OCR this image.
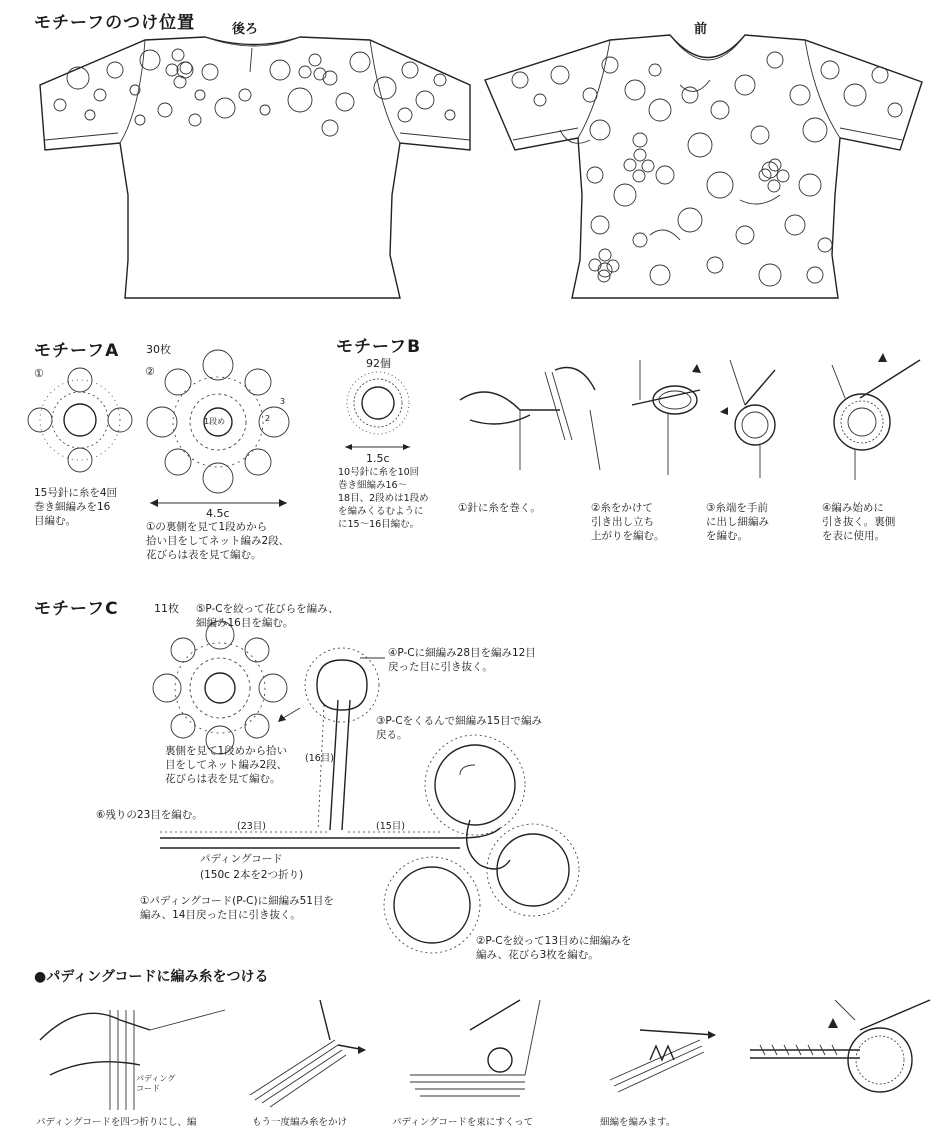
モチーフのつけ位置	後ろ	前
モチーフA 30枚
①	②
1段め
3
2
15号針に糸を4回
巻き細編みを16
目編む。
4.5c
①の裏側を見て1段めから
拾い目をしてネット編み2段、
花びらは表を見て編む。
モチーフB
92個
1.5c
10号針に糸を10回
巻き細編み16〜
18目、2段めは1段め
を編みくるむように
に15〜16目編む。

①針に糸を巻く。	②糸をかけて
引き出し立ち
上がりを編む。

③糸端を手前
に出し細編み
を編む。

④編み始めに
引き抜く。裏側
を表に使用。

モチーフC	11枚 ⑤P-Cを絞って花びらを編み、
細編み16目を編む。
④P-Cに細編み28目を編み12目
戻った目に引き抜く。
③P-Cをくるんで細編み15目で編み
戻る。
(16目)
裏側を見て1段めから拾い
目をしてネット編み2段、
花びらは表を見て編む。
⑥残りの23目を編む。
(23目)	(15目)
パディングコード
(150c 2本を2つ折り)
①パディングコード(P-C)に細編み51目を
編み、14目戻った目に引き抜く。
②P-Cを絞って13目めに細編みを
編み、花びら3枚を編む。
●パディングコードに編み糸をつける
パディング
コード
パディングコードを四つ折りにし、編	もう一度編み糸をかけ	パディングコードを束にすくって	細編を編みます。
